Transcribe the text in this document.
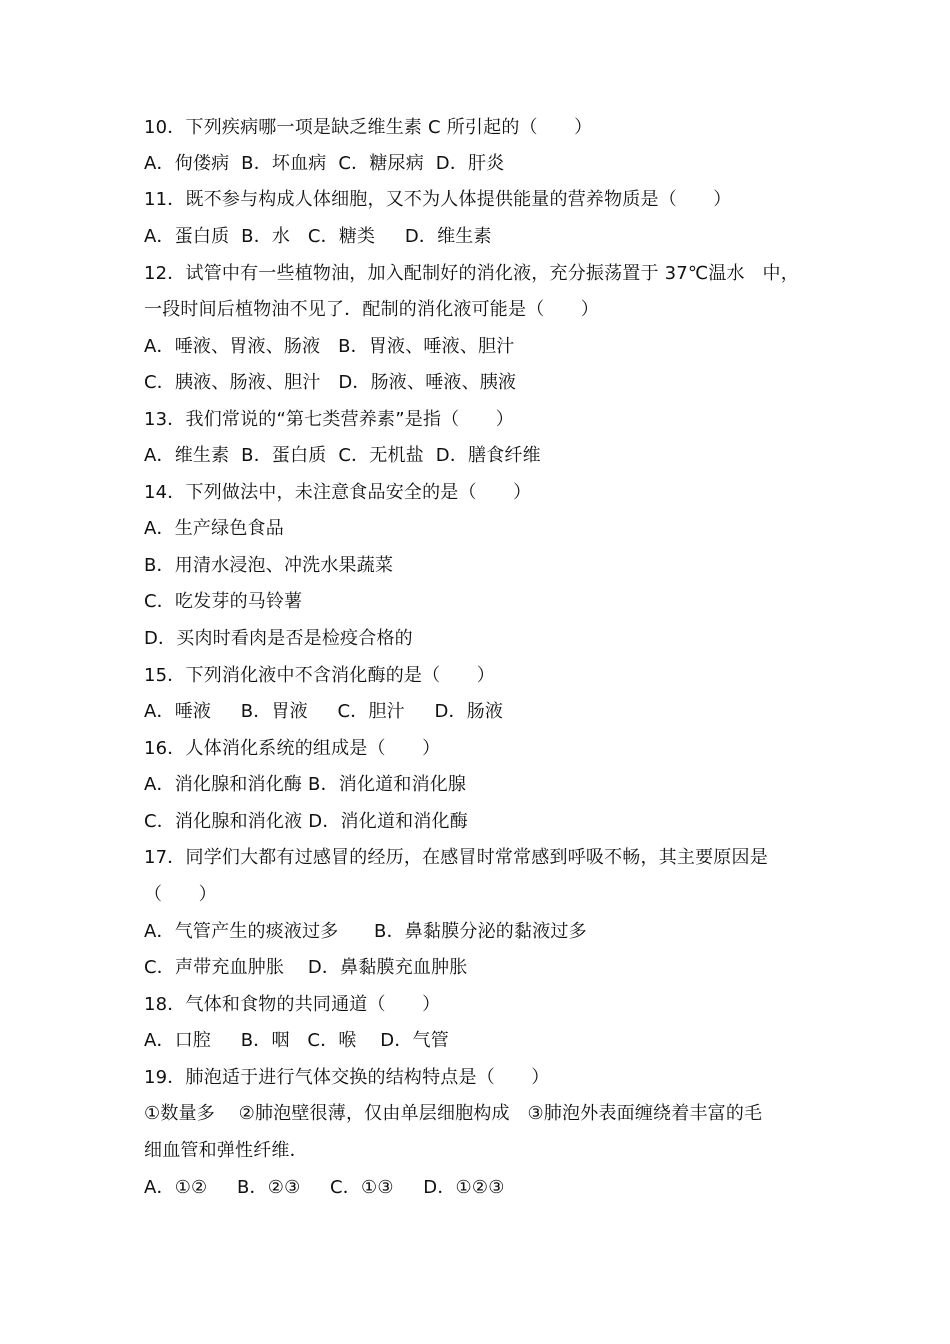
10．下列疾病哪一项是缺乏维生素 C 所引起的（　　）
A．佝偻病  B．坏血病  C．糖尿病  D．肝炎
11．既不参与构成人体细胞，又不为人体提供能量的营养物质是（　　）
A．蛋白质  B．水   C．糖类     D．维生素
12．试管中有一些植物油，加入配制好的消化液，充分振荡置于 37℃温水   中，
一段时间后植物油不见了．配制的消化液可能是（　　）
A．唾液、胃液、肠液   B．胃液、唾液、胆汁
C．胰液、肠液、胆汁   D．肠液、唾液、胰液
13．我们常说的“第七类营养素”是指（　　）
A．维生素  B．蛋白质  C．无机盐  D．膳食纤维
14．下列做法中，未注意食品安全的是（　　）
A．生产绿色食品
B．用清水浸泡、冲洗水果蔬菜
C．吃发芽的马铃薯
D．买肉时看肉是否是检疫合格的
15．下列消化液中不含消化酶的是（　　）
A．唾液     B．胃液     C．胆汁     D．肠液
16．人体消化系统的组成是（　　）
A．消化腺和消化酶 B．消化道和消化腺
C．消化腺和消化液 D．消化道和消化酶
17．同学们大都有过感冒的经历，在感冒时常常感到呼吸不畅，其主要原因是
（　　）
A．气管产生的痰液过多      B．鼻黏膜分泌的黏液过多
C．声带充血肿胀    D．鼻黏膜充血肿胀
18．气体和食物的共同通道（　　）
A．口腔     B．咽   C．喉    D．气管
19．肺泡适于进行气体交换的结构特点是（　　）
①数量多    ②肺泡壁很薄，仅由单层细胞构成   ③肺泡外表面缠绕着丰富的毛
细血管和弹性纤维．
A．①②     B．②③     C．①③     D．①②③
